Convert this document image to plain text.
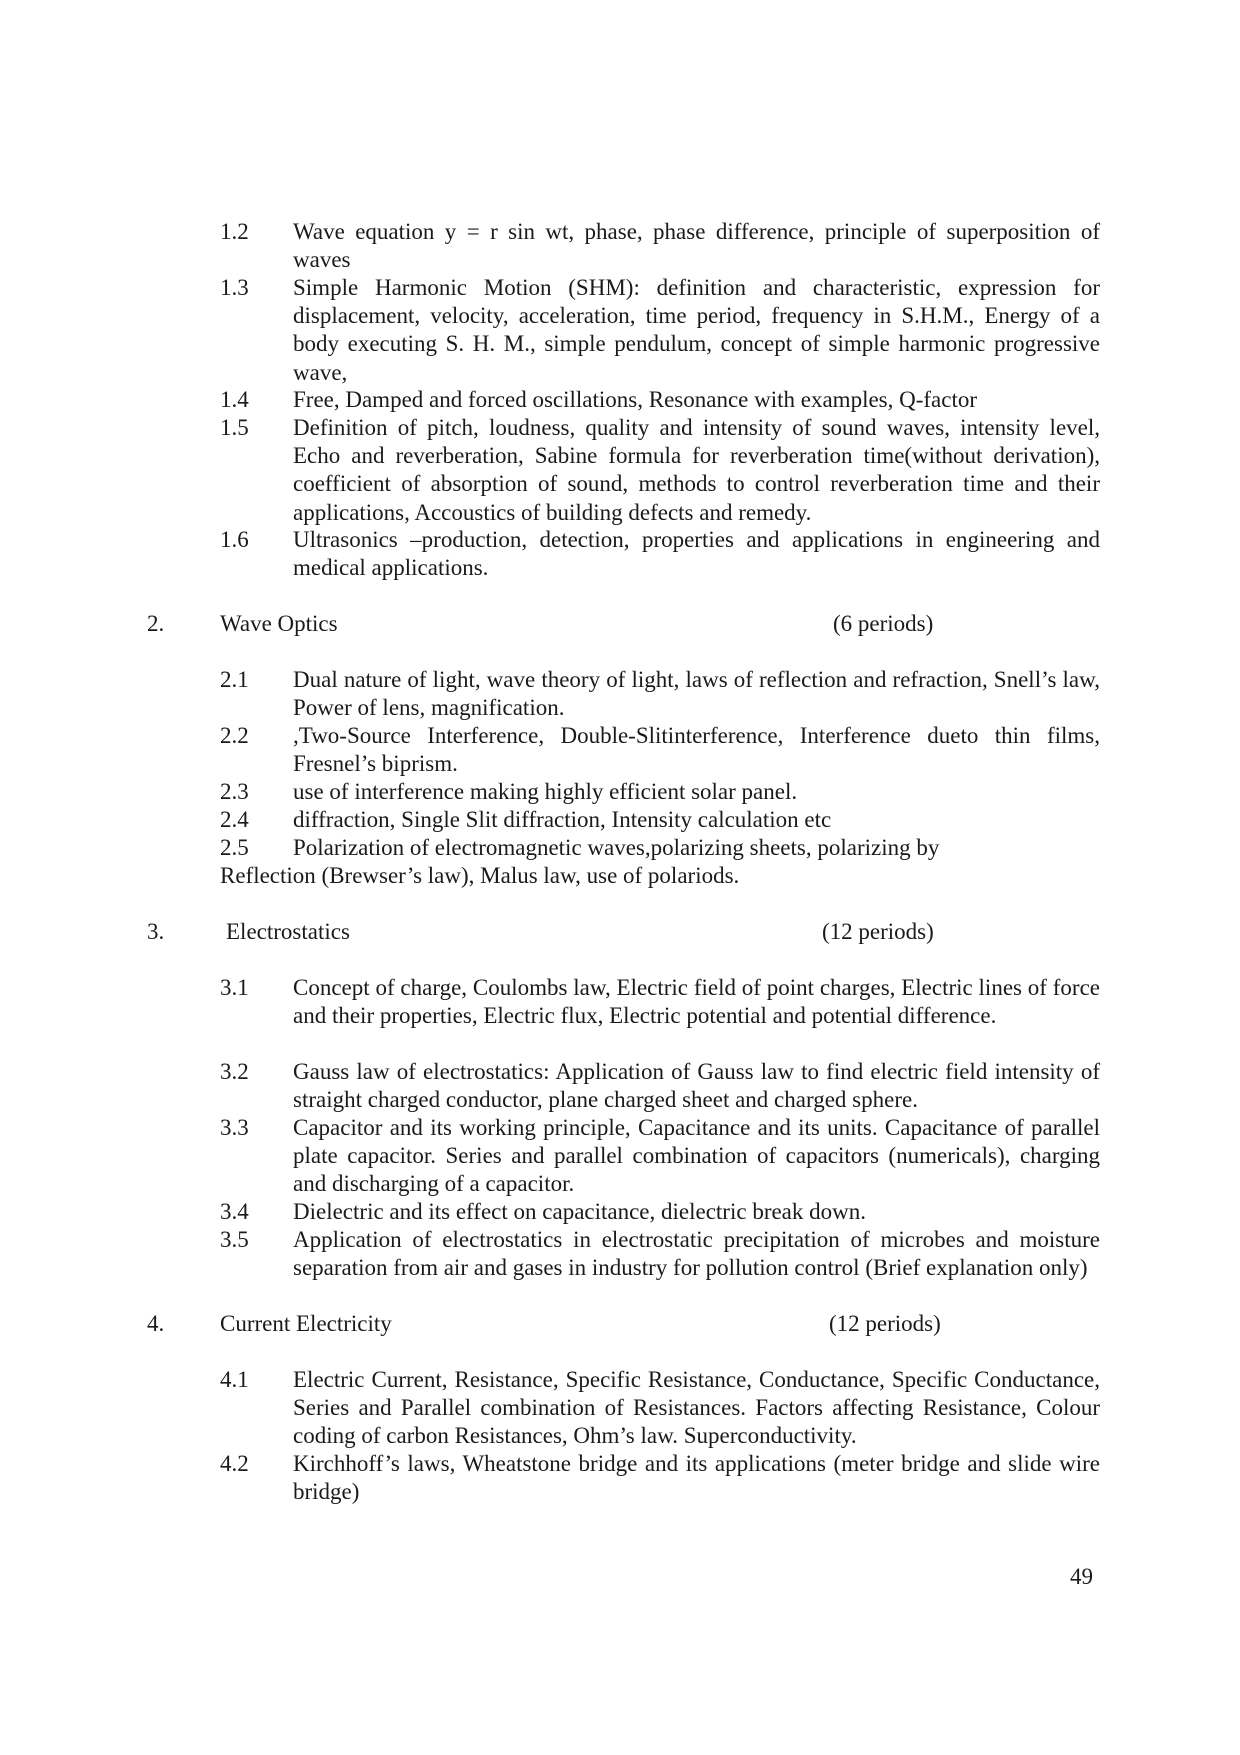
1.2	Wave equation y = r sin wt, phase, phase difference, principle of superposition of waves
1.3	Simple Harmonic Motion (SHM): definition and characteristic, expression for displacement, velocity, acceleration, time period, frequency in S.H.M., Energy of a body executing S. H. M., simple pendulum, concept of simple harmonic progressive wave,
1.4	Free, Damped and forced oscillations, Resonance with examples, Q-factor
1.5	Definition of pitch, loudness, quality and intensity of sound waves, intensity level, Echo and reverberation, Sabine formula for reverberation time(without derivation), coefficient of absorption of sound, methods to control reverberation time and their applications, Accoustics of building defects and remedy.
1.6	Ultrasonics –production, detection, properties and applications in engineering and medical applications.
2. Wave Optics	(6 periods)
2.1	Dual nature of light, wave theory of light, laws of reflection and refraction, Snell’s law, Power of lens, magnification.
2.2	,Two-Source Interference, Double-Slitinterference, Interference dueto thin films, Fresnel’s biprism.
2.3	use of interference making highly efficient solar panel.
2.4	diffraction, Single Slit diffraction, Intensity calculation etc
2.5	Polarization of electromagnetic waves,polarizing sheets, polarizing by Reflection (Brewser’s law), Malus law, use of polariods.
3.	Electrostatics	(12 periods)
3.1	Concept of charge, Coulombs law, Electric field of point charges, Electric lines of force and their properties, Electric flux, Electric potential and potential difference.
3.2	Gauss law of electrostatics: Application of Gauss law to find electric field intensity of straight charged conductor, plane charged sheet and charged sphere.
3.3	Capacitor and its working principle, Capacitance and its units. Capacitance of parallel plate capacitor. Series and parallel combination of capacitors (numericals), charging and discharging of a capacitor.
3.4	Dielectric and its effect on capacitance, dielectric break down.
3.5	Application of electrostatics in electrostatic precipitation of microbes and moisture separation from air and gases in industry for pollution control (Brief explanation only)
4. Current Electricity	(12 periods)
4.1	Electric Current, Resistance, Specific Resistance, Conductance, Specific Conductance, Series and Parallel combination of Resistances. Factors affecting Resistance, Colour coding of carbon Resistances, Ohm’s law. Superconductivity.
4.2	Kirchhoff’s laws, Wheatstone bridge and its applications (meter bridge and slide wire bridge)
49
